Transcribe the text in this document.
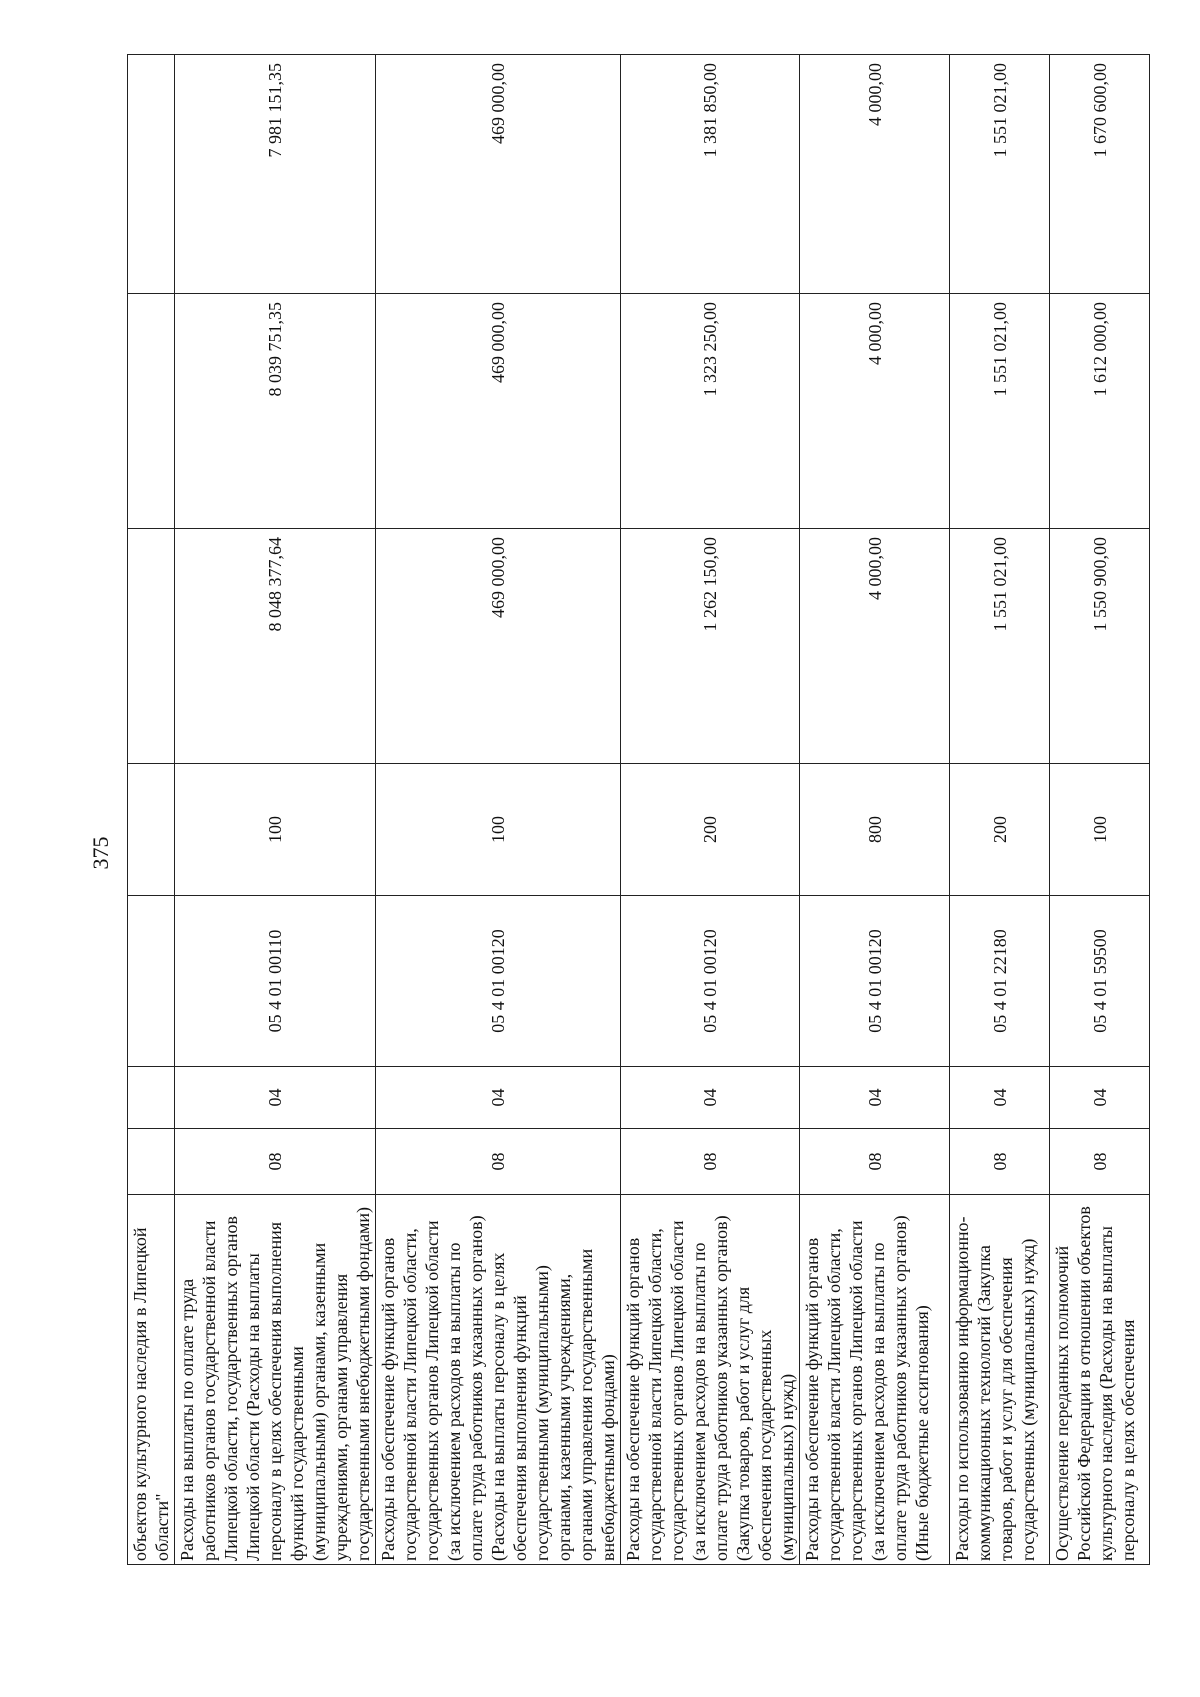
375
объектов культурного наследия в Липецкой области"							
Расходы на выплаты по оплате труда работников органов государственной власти Липецкой области, государственных органов Липецкой области (Расходы на выплаты персоналу в целях обеспечения выполнения функций государственными (муниципальными) органами, казенными учреждениями, органами управления государственными внебюджетными фондами)	08	04	05 4 01 00110	100	8 048 377,64	8 039 751,35	7 981 151,35
Расходы на обеспечение функций органов государственной власти Липецкой области, государственных органов Липецкой области (за исключением расходов на выплаты по оплате труда работников указанных органов) (Расходы на выплаты персоналу в целях обеспечения выполнения функций государственными (муниципальными) органами, казенными учреждениями, органами управления государственными внебюджетными фондами)	08	04	05 4 01 00120	100	469 000,00	469 000,00	469 000,00
Расходы на обеспечение функций органов государственной власти Липецкой области, государственных органов Липецкой области (за исключением расходов на выплаты по оплате труда работников указанных органов) (Закупка товаров, работ и услуг для обеспечения государственных (муниципальных) нужд)	08	04	05 4 01 00120	200	1 262 150,00	1 323 250,00	1 381 850,00
Расходы на обеспечение функций органов государственной власти Липецкой области, государственных органов Липецкой области (за исключением расходов на выплаты по оплате труда работников указанных органов) (Иные бюджетные ассигнования)	08	04	05 4 01 00120	800	4 000,00	4 000,00	4 000,00
Расходы по использованию информационно-коммуникационных технологий (Закупка товаров, работ и услуг для обеспечения государственных (муниципальных) нужд)	08	04	05 4 01 22180	200	1 551 021,00	1 551 021,00	1 551 021,00
Осуществление переданных полномочий Российской Федерации в отношении объектов культурного наследия (Расходы на выплаты персоналу в целях обеспечения	08	04	05 4 01 59500	100	1 550 900,00	1 612 000,00	1 670 600,00
